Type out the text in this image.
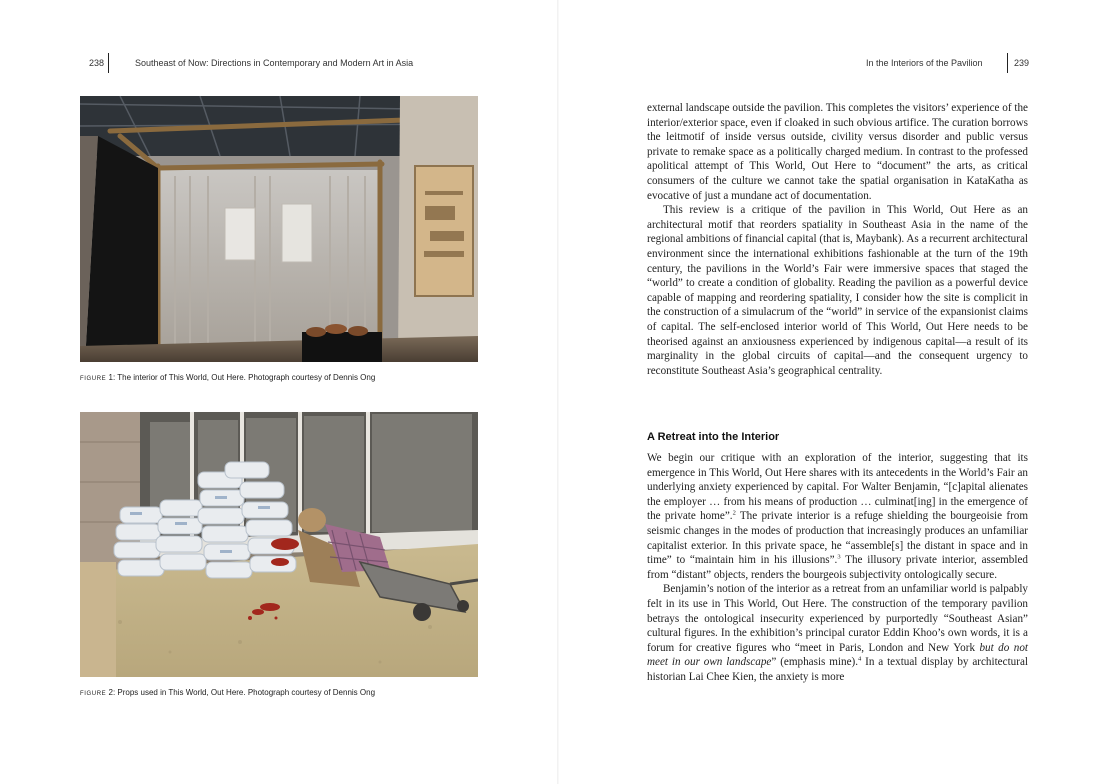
238	Southeast of Now: Directions in Contemporary and Modern Art in Asia	In the Interiors of the Pavilion	239
FIGURE 1: The interior of This World, Out Here. Photograph courtesy of Dennis Ong
FIGURE 2: Props used in This World, Out Here. Photograph courtesy of Dennis Ong

external landscape outside the pavilion. This completes the visitors’ experience of the interior/exterior space, even if cloaked in such obvious artifice. The curation borrows the leitmotif of inside versus outside, civility versus disorder and public versus private to remake space as a politically charged medium. In contrast to the professed apolitical attempt of This World, Out Here to “document” the arts, as critical consumers of the culture we cannot take the spatial organisation in KataKatha as evocative of just a mundane act of documentation.

This review is a critique of the pavilion in This World, Out Here as an architectural motif that reorders spatiality in Southeast Asia in the name of the regional ambitions of financial capital (that is, Maybank). As a recurrent architectural environment since the international exhibitions fashionable at the turn of the 19th century, the pavilions in the World’s Fair were immersive spaces that staged the “world” to create a condition of globality. Reading the pavilion as a powerful device capable of mapping and reordering spatiality, I consider how the site is complicit in the construction of a simulacrum of the “world” in service of the expansionist claims of capital. The self-enclosed interior world of This World, Out Here needs to be theorised against an anxiousness experienced by indigenous capital—a result of its marginality in the global circuits of capital—and the consequent urgency to reconstitute Southeast Asia’s geographical centrality.

A Retreat into the Interior

We begin our critique with an exploration of the interior, suggesting that its emergence in This World, Out Here shares with its antecedents in the World’s Fair an underlying anxiety experienced by capital. For Walter Benjamin, “[c]apital alienates the employer … from his means of production … culminat[ing] in the emergence of the private home”.$^2$ The private interior is a refuge shielding the bourgeoisie from seismic changes in the modes of production that increasingly produces an unfamiliar capitalist exterior. In this private space, he “assemble[s] the distant in space and in time” to “maintain him in his illusions”.$^3$ The illusory private interior, assembled from “distant” objects, renders the bourgeois subjectivity ontologically secure.

Benjamin’s notion of the interior as a retreat from an unfamiliar world is palpably felt in its use in This World, Out Here. The construction of the temporary pavilion betrays the ontological insecurity experienced by purportedly “Southeast Asian” cultural figures. In the exhibition’s principal curator Eddin Khoo’s own words, it is a forum for creative figures who “meet in Paris, London and New York but do not meet in our own landscape” (emphasis mine).$^4$ In a textual display by architectural historian Lai Chee Kien, the anxiety is more
